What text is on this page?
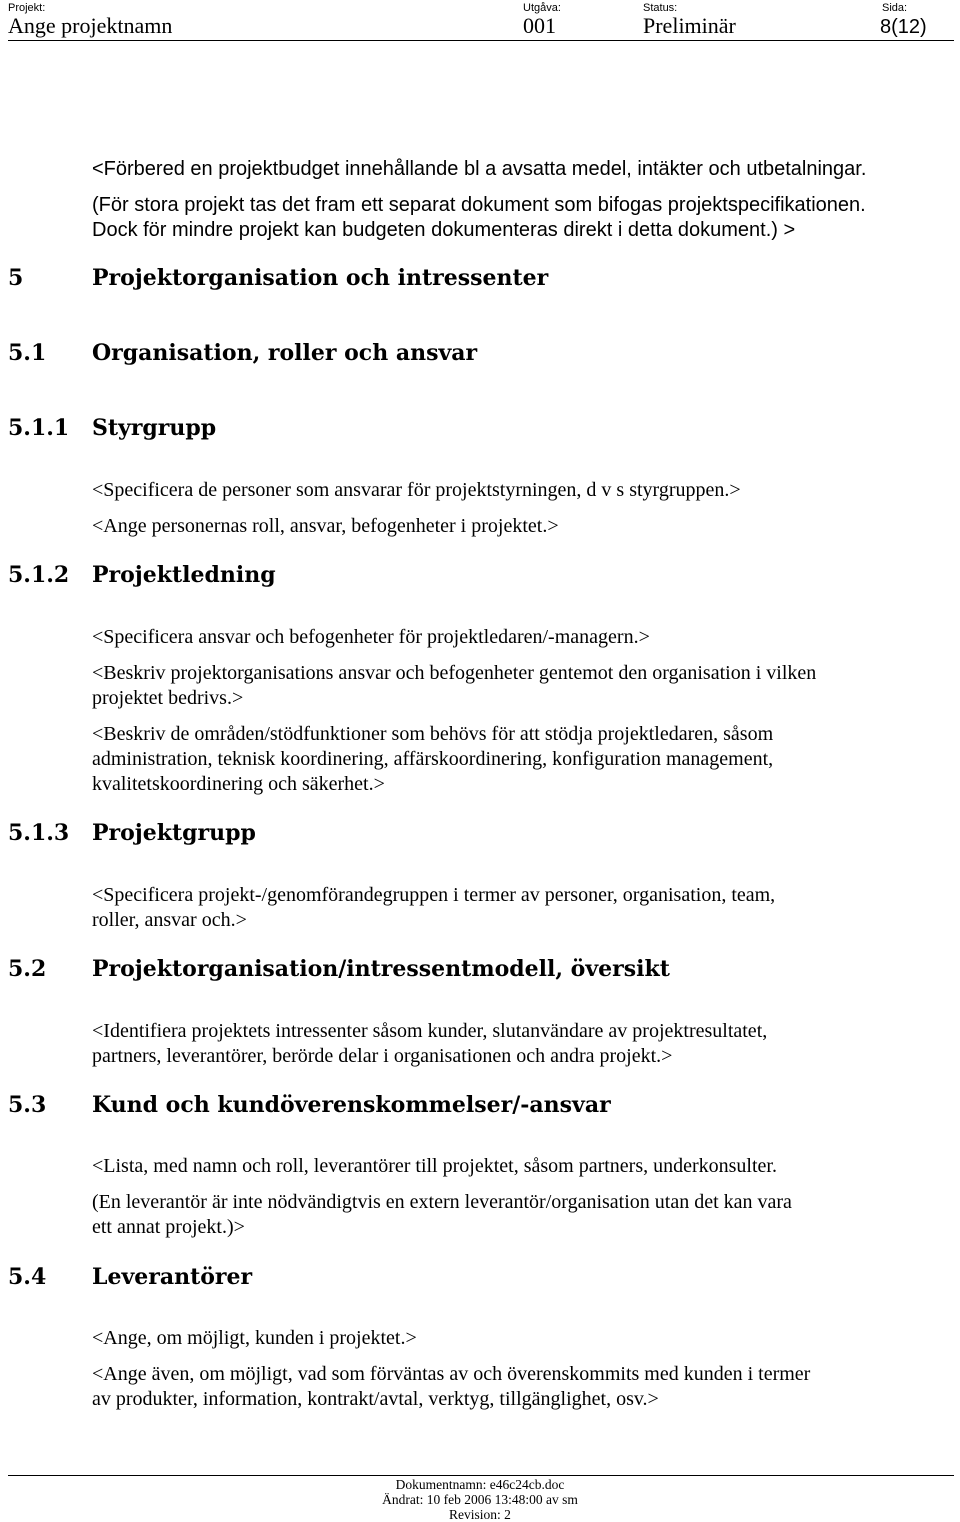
Projekt:
Ange projektnamn
Utgåva:
001
Status:
Preliminär
Sida:
8(12)
<Förbered en projektbudget innehållande bl a avsatta medel, intäkter och utbetalningar.
(För stora projekt tas det fram ett separat dokument som bifogas projektspecifikationen.
Dock för mindre projekt kan budgeten dokumenteras direkt i detta dokument.) >
5	Projektorganisation och intressenter
5.1 Organisation, roller och ansvar
5.1.1 Styrgrupp
<Specificera de personer som ansvarar för projektstyrningen, d v s styrgruppen.>
<Ange personernas roll, ansvar, befogenheter i projektet.>
5.1.2 Projektledning
<Specificera ansvar och befogenheter för projektledaren/-managern.>
<Beskriv projektorganisations ansvar och befogenheter gentemot den organisation i vilken
projektet bedrivs.>
<Beskriv de områden/stödfunktioner som behövs för att stödja projektledaren, såsom
administration, teknisk koordinering, affärskoordinering, konfiguration management,
kvalitetskoordinering och säkerhet.>
5.1.3 Projektgrupp
<Specificera projekt-/genomförandegruppen i termer av personer, organisation, team,
roller, ansvar och.>
5.2 Projektorganisation/intressentmodell, översikt
<Identifiera projektets intressenter såsom kunder, slutanvändare av projektresultatet,
partners, leverantörer, berörde delar i organisationen och andra projekt.>
5.3 Kund och kundöverenskommelser/-ansvar
<Lista, med namn och roll, leverantörer till projektet, såsom partners, underkonsulter.
(En leverantör är inte nödvändigtvis en extern leverantör/organisation utan det kan vara
ett annat projekt.)>
5.4 Leverantörer
<Ange, om möjligt, kunden i projektet.>
<Ange även, om möjligt, vad som förväntas av och överenskommits med kunden i termer
av produkter, information, kontrakt/avtal, verktyg, tillgänglighet, osv.>
Dokumentnamn: e46c24cb.doc
Ändrat: 10 feb 2006 13:48:00 av sm
Revision: 2
